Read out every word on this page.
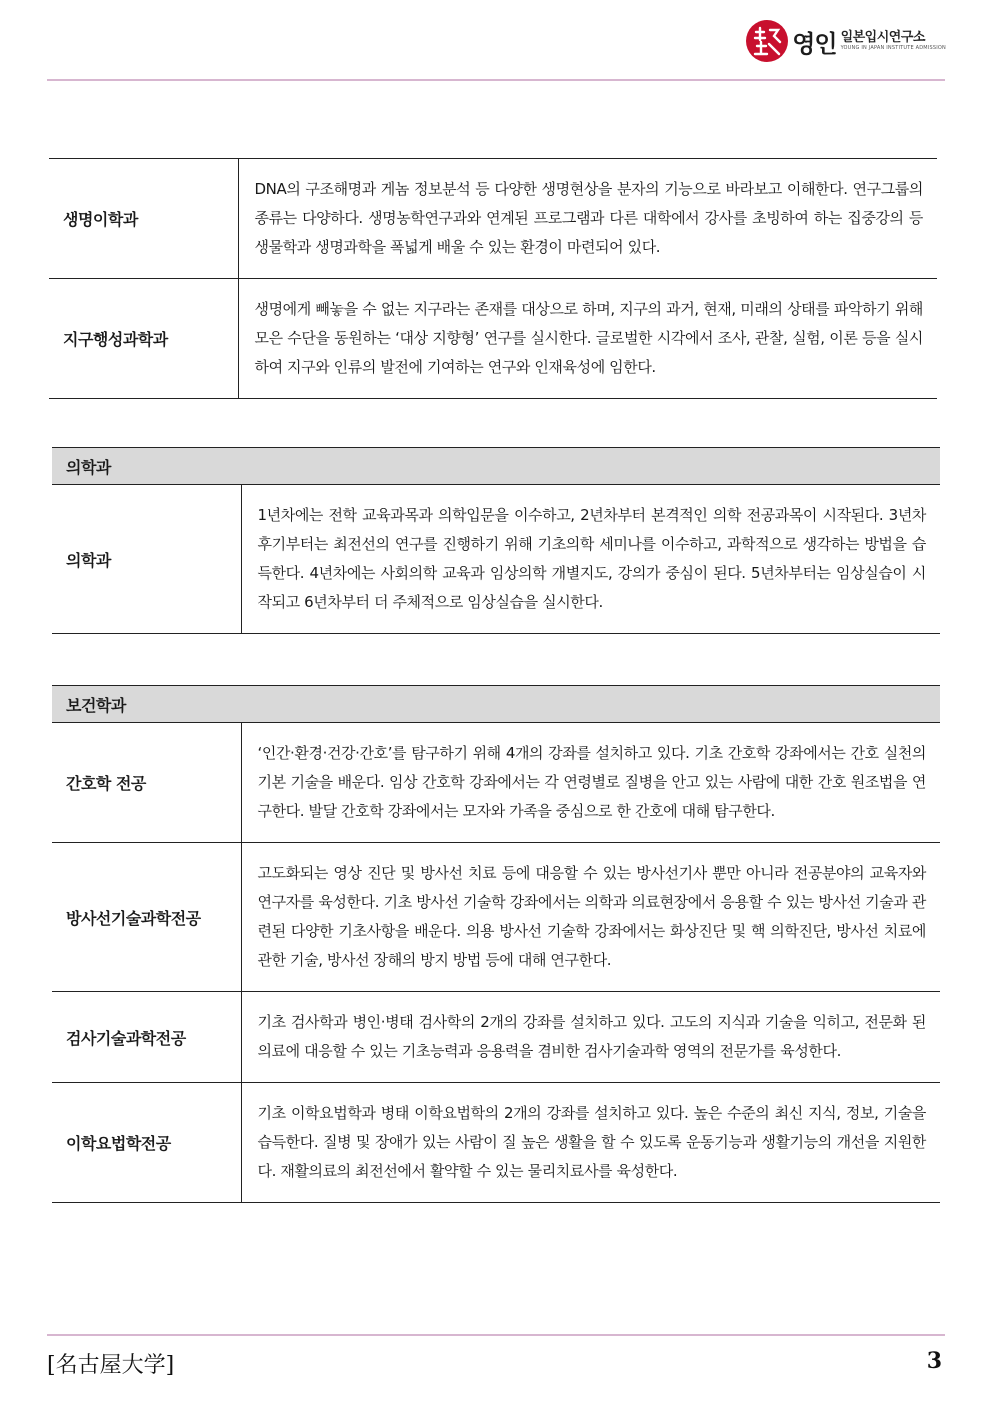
영인 일본입시연구소
YOUNG IN JAPAN INSTITUTE ADMISSION
생명이학과	DNA의 구조해명과 게놈 정보분석 등 다양한 생명현상을 분자의 기능으로 바라보고 이해한다. 연구그룹의 종류는 다양하다. 생명농학연구과와 연계된 프로그램과 다른 대학에서 강사를 초빙하여 하는 집중강의 등 생물학과 생명과학을 폭넓게 배울 수 있는 환경이 마련되어 있다.
지구행성과학과	생명에게 빼놓을 수 없는 지구라는 존재를 대상으로 하며, 지구의 과거, 현재, 미래의 상태를 파악하기 위해 모은 수단을 동원하는 ‘대상 지향형’ 연구를 실시한다. 글로벌한 시각에서 조사, 관찰, 실험, 이론 등을 실시하여 지구와 인류의 발전에 기여하는 연구와 인재육성에 임한다.
의학과
의학과	1년차에는 전학 교육과목과 의학입문을 이수하고, 2년차부터 본격적인 의학 전공과목이 시작된다. 3년차 후기부터는 최전선의 연구를 진행하기 위해 기초의학 세미나를 이수하고, 과학적으로 생각하는 방법을 습득한다. 4년차에는 사회의학 교육과 임상의학 개별지도, 강의가 중심이 된다. 5년차부터는 임상실습이 시작되고 6년차부터 더 주체적으로 임상실습을 실시한다.
보건학과	
간호학 전공	‘인간·환경·건강·간호’를 탐구하기 위해 4개의 강좌를 설치하고 있다. 기초 간호학 강좌에서는 간호 실천의 기본 기술을 배운다. 임상 간호학 강좌에서는 각 연령별로 질병을 안고 있는 사람에 대한 간호 원조법을 연구한다. 발달 간호학 강좌에서는 모자와 가족을 중심으로 한 간호에 대해 탐구한다.
방사선기술과학전공	고도화되는 영상 진단 및 방사선 치료 등에 대응할 수 있는 방사선기사 뿐만 아니라 전공분야의 교육자와 연구자를 육성한다. 기초 방사선 기술학 강좌에서는 의학과 의료현장에서 응용할 수 있는 방사선 기술과 관련된 다양한 기초사항을 배운다. 의용 방사선 기술학 강좌에서는 화상진단 및 핵 의학진단, 방사선 치료에 관한 기술, 방사선 장해의 방지 방법 등에 대해 연구한다.
검사기술과학전공	기초 검사학과 병인·병태 검사학의 2개의 강좌를 설치하고 있다. 고도의 지식과 기술을 익히고, 전문화 된 의료에 대응할 수 있는 기초능력과 응용력을 겸비한 검사기술과학 영역의 전문가를 육성한다.
이학요법학전공	기초 이학요법학과 병태 이학요법학의 2개의 강좌를 설치하고 있다. 높은 수준의 최신 지식, 정보, 기술을 습득한다. 질병 및 장애가 있는 사람이 질 높은 생활을 할 수 있도록 운동기능과 생활기능의 개선을 지원한다. 재활의료의 최전선에서 활약할 수 있는 물리치료사를 육성한다.
[名古屋大学]	3
